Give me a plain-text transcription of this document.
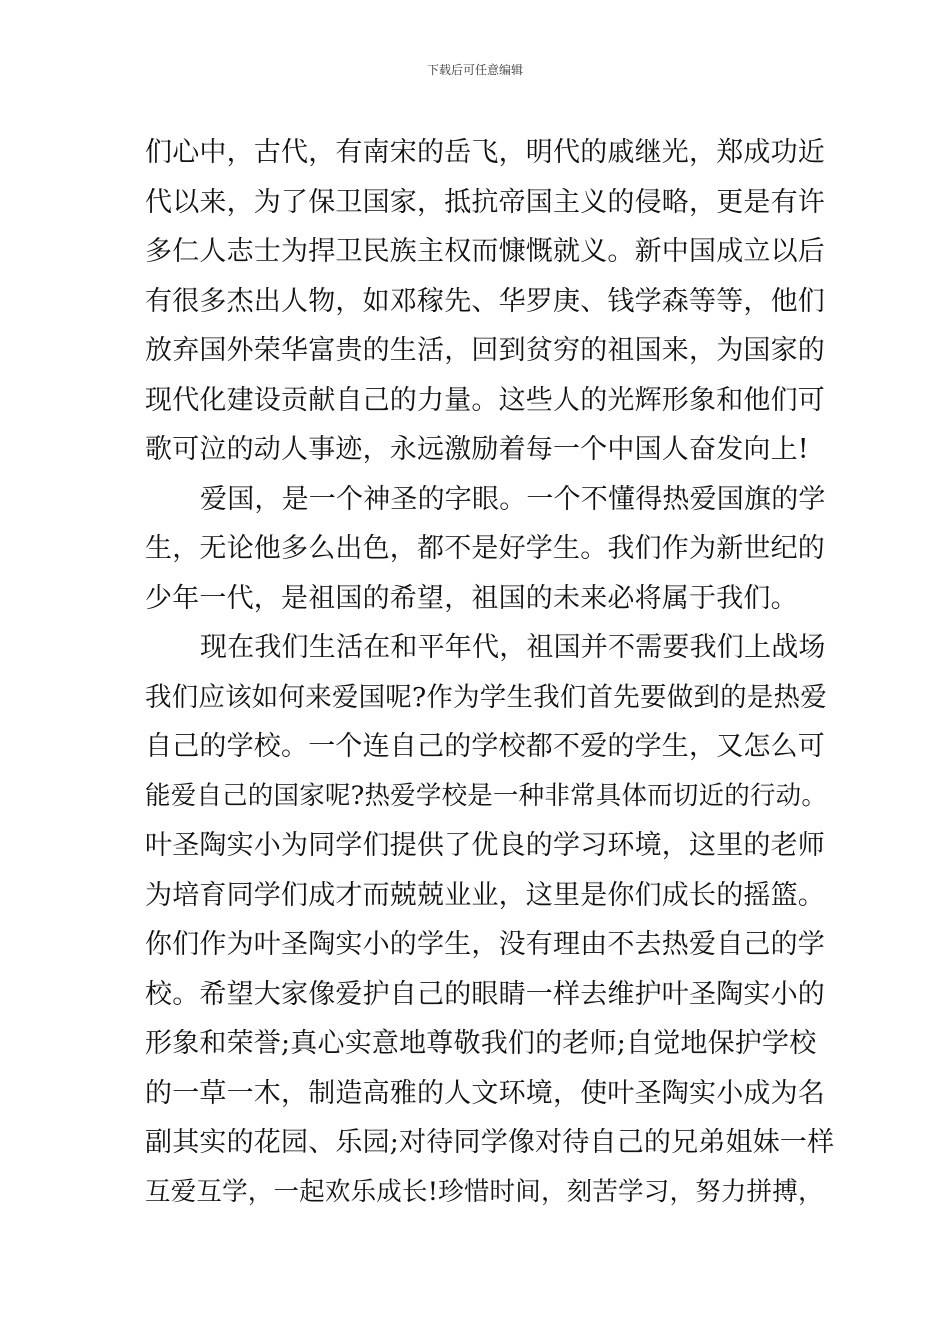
下载后可任意编辑
们心中，古代，有南宋的岳飞，明代的戚继光，郑成功近
代以来，为了保卫国家，抵抗帝国主义的侵略，更是有许
多仁人志士为捍卫民族主权而慷慨就义。新中国成立以后
有很多杰出人物，如邓稼先、华罗庚、钱学森等等，他们
放弃国外荣华富贵的生活，回到贫穷的祖国来，为国家的
现代化建设贡献自己的力量。这些人的光辉形象和他们可
歌可泣的动人事迹，永远激励着每一个中国人奋发向上!
爱国，是一个神圣的字眼。一个不懂得热爱国旗的学
生，无论他多么出色，都不是好学生。我们作为新世纪的
少年一代，是祖国的希望，祖国的未来必将属于我们。
现在我们生活在和平年代，祖国并不需要我们上战场
我们应该如何来爱国呢?作为学生我们首先要做到的是热爱
自己的学校。一个连自己的学校都不爱的学生，又怎么可
能爱自己的国家呢?热爱学校是一种非常具体而切近的行动。
叶圣陶实小为同学们提供了优良的学习环境，这里的老师
为培育同学们成才而兢兢业业，这里是你们成长的摇篮。
你们作为叶圣陶实小的学生，没有理由不去热爱自己的学
校。希望大家像爱护自己的眼睛一样去维护叶圣陶实小的
形象和荣誉;真心实意地尊敬我们的老师;自觉地保护学校
的一草一木，制造高雅的人文环境，使叶圣陶实小成为名
副其实的花园、乐园;对待同学像对待自己的兄弟姐妹一样
互爱互学，一起欢乐成长!珍惜时间，刻苦学习，努力拼搏，
